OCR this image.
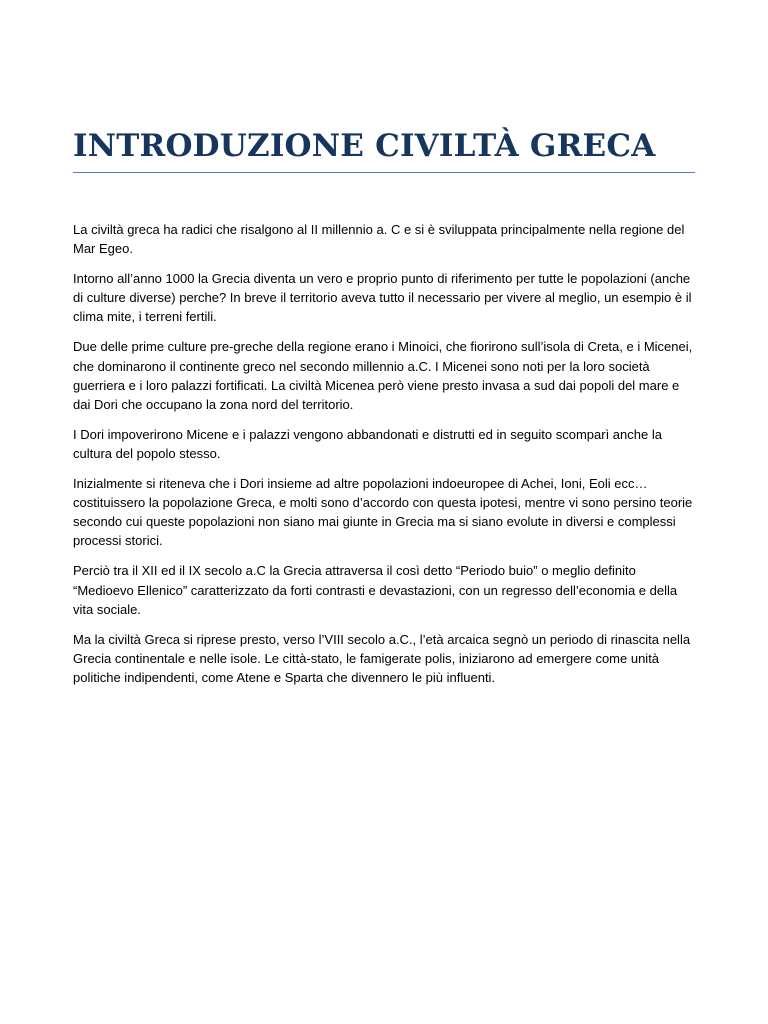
INTRODUZIONE CIVILTÀ GRECA

La civiltà greca ha radici che risalgono al II millennio a. C e si è sviluppata principalmente nella regione del Mar Egeo.

Intorno all’anno 1000 la Grecia diventa un vero e proprio punto di riferimento per tutte le popolazioni (anche di culture diverse) perche? In breve il territorio aveva tutto il necessario per vivere al meglio, un esempio è il clima mite, i terreni fertili.

Due delle prime culture pre-greche della regione erano i Minoici, che fiorirono sull’isola di Creta, e i Micenei, che dominarono il continente greco nel secondo millennio a.C. I Micenei sono noti per la loro società guerriera e i loro palazzi fortificati. La civiltà Micenea però viene presto invasa a sud dai popoli del mare e dai Dori che occupano la zona nord del territorio.

I Dori impoverirono Micene e i palazzi vengono abbandonati e distrutti ed in seguito scomparì anche la cultura del popolo stesso.

Inizialmente si riteneva che i Dori insieme ad altre popolazioni indoeuropee di Achei, Ioni, Eoli ecc… costituissero la popolazione Greca, e molti sono d’accordo con questa ipotesi, mentre vi sono persino teorie secondo cui queste popolazioni non siano mai giunte in Grecia ma si siano evolute in diversi e complessi processi storici.

Perciò tra il XII ed il IX secolo a.C la Grecia attraversa il così detto “Periodo buio” o meglio definito “Medioevo Ellenico” caratterizzato da forti contrasti e devastazioni, con un regresso dell’economia e della vita sociale.

Ma la civiltà Greca si riprese presto, verso l’VIII secolo a.C., l’età arcaica segnò un periodo di rinascita nella Grecia continentale e nelle isole. Le città-stato, le famigerate polis, iniziarono ad emergere come unità politiche indipendenti, come Atene e Sparta che divennero le più influenti.
